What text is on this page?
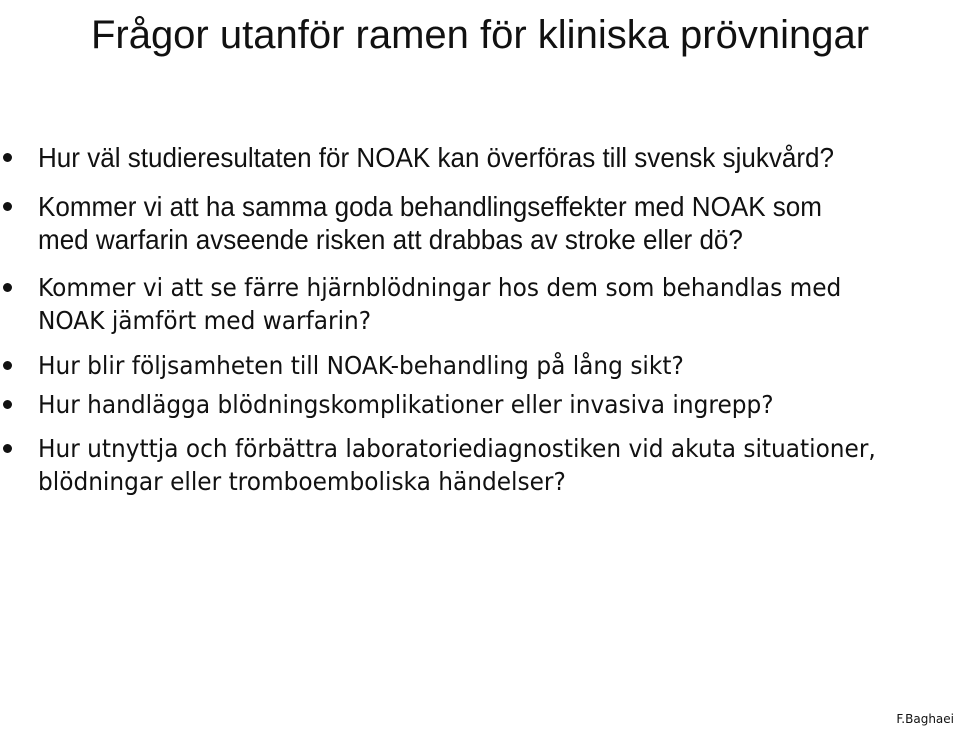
Frågor utanför ramen för kliniska prövningar
Hur väl studieresultaten för NOAK kan överföras till svensk sjukvård?
Kommer vi att ha samma goda behandlingseffekter med NOAK som med warfarin avseende risken att drabbas av stroke eller dö?
Kommer vi att se färre hjärnblödningar hos dem som behandlas med NOAK jämfört med warfarin?
Hur blir följsamheten till NOAK-behandling på lång sikt?
Hur handlägga blödningskomplikationer eller invasiva ingrepp?
Hur utnyttja och förbättra laboratoriediagnostiken vid akuta situationer, blödningar eller tromboemboliska händelser?
F.Baghaei
